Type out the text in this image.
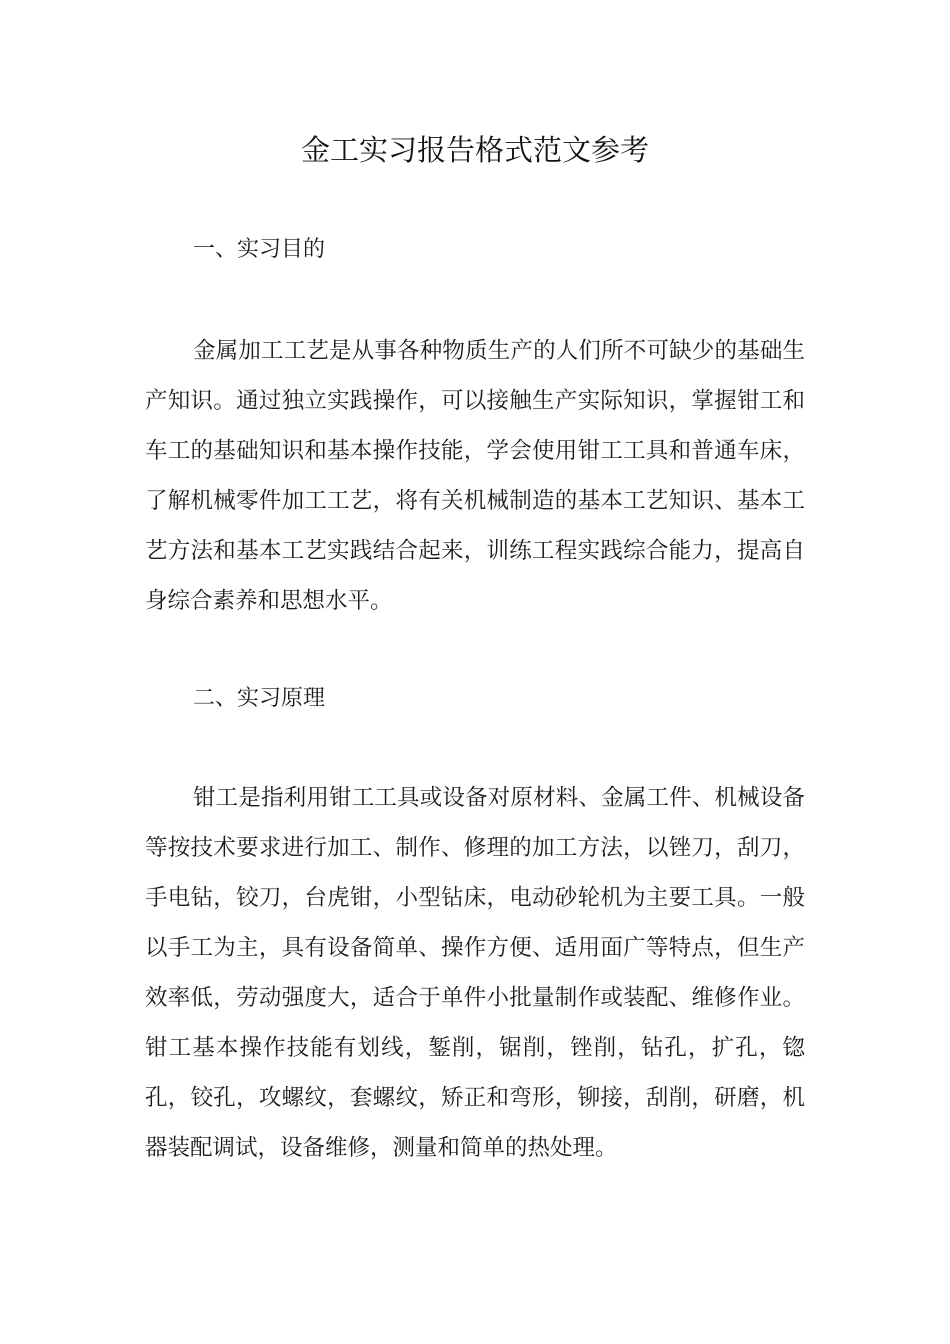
金工实习报告格式范文参考
一、实习目的
金属加工工艺是从事各种物质生产的人们所不可缺少的基础生产知识。通过独立实践操作，可以接触生产实际知识，掌握钳工和车工的基础知识和基本操作技能，学会使用钳工工具和普通车床，了解机械零件加工工艺，将有关机械制造的基本工艺知识、基本工艺方法和基本工艺实践结合起来，训练工程实践综合能力，提高自身综合素养和思想水平。
二、实习原理
钳工是指利用钳工工具或设备对原材料、金属工件、机械设备等按技术要求进行加工、制作、修理的加工方法，以锉刀，刮刀，手电钻，铰刀，台虎钳，小型钻床，电动砂轮机为主要工具。一般以手工为主，具有设备简单、操作方便、适用面广等特点，但生产效率低，劳动强度大，适合于单件小批量制作或装配、维修作业。钳工基本操作技能有划线，錾削，锯削，锉削，钻孔，扩孔，锪孔，铰孔，攻螺纹，套螺纹，矫正和弯形，铆接，刮削，研磨，机器装配调试，设备维修，测量和简单的热处理。
